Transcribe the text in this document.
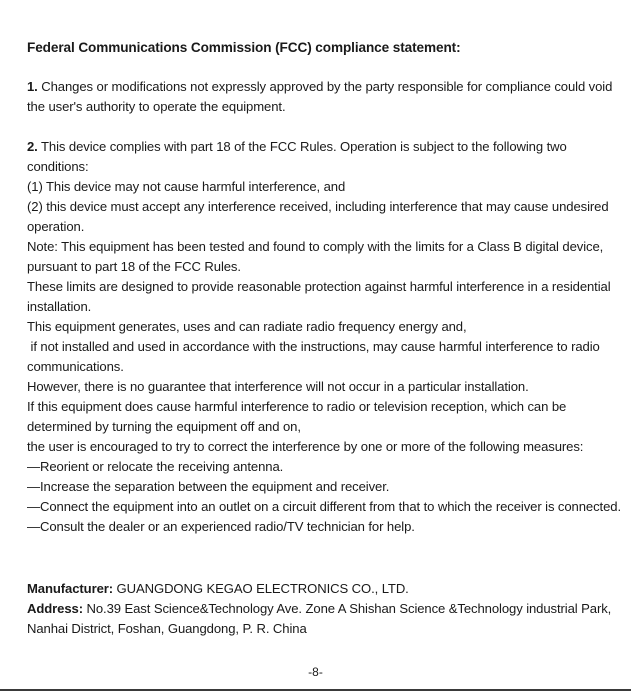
Federal Communications Commission (FCC) compliance statement:

1. Changes or modifications not expressly approved by the party responsible for compliance could void the user's authority to operate the equipment.

2. This device complies with part 18 of the FCC Rules. Operation is subject to the following two conditions:

(1) This device may not cause harmful interference, and

(2) this device must accept any interference received, including interference that may cause undesired operation.

Note: This equipment has been tested and found to comply with the limits for a Class B digital device, pursuant to part 18 of the FCC Rules.

These limits are designed to provide reasonable protection against harmful interference in a residential installation.

This equipment generates, uses and can radiate radio frequency energy and,

if not installed and used in accordance with the instructions, may cause harmful interference to radio communications.

However, there is no guarantee that interference will not occur in a particular installation.

If this equipment does cause harmful interference to radio or television reception, which can be determined by turning the equipment off and on,

the user is encouraged to try to correct the interference by one or more of the following measures:

—Reorient or relocate the receiving antenna.

—Increase the separation between the equipment and receiver.

—Connect the equipment into an outlet on a circuit different from that to which the receiver is connected.

—Consult the dealer or an experienced radio/TV technician for help.

Manufacturer: GUANGDONG KEGAO ELECTRONICS CO., LTD.

Address: No.39 East Science&Technology Ave. Zone A Shishan Science &Technology industrial Park, Nanhai District, Foshan, Guangdong, P. R. China

-8-
